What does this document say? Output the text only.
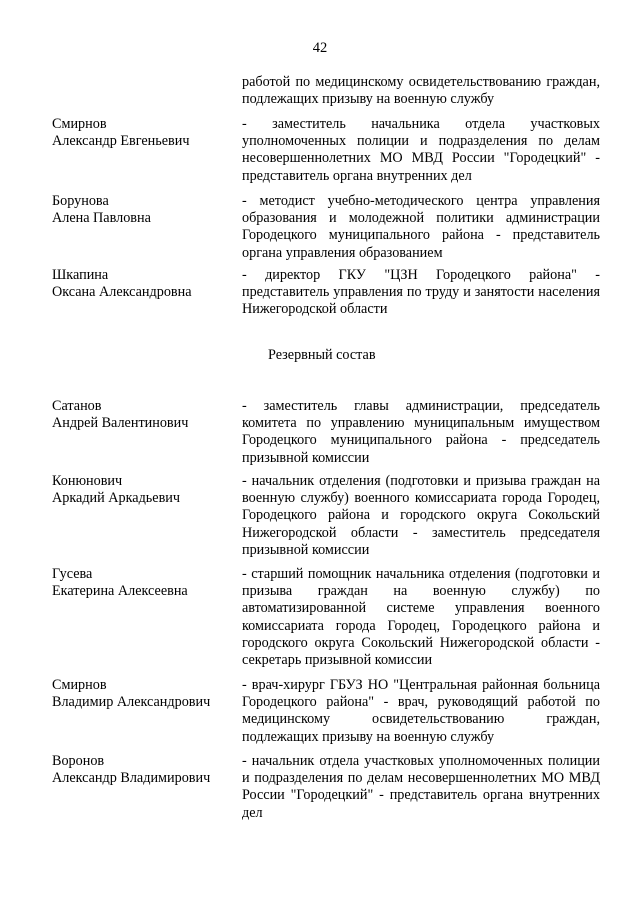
42
работой по медицинскому освидетельствованию граждан, подлежащих призыву на военную службу
Смирнов
Александр Евгеньевич
- заместитель начальника отдела участковых уполномоченных полиции и подразделения по делам несовершеннолетних МО МВД России "Городецкий" - представитель органа внутренних дел
Борунова
Алена Павловна
- методист учебно-методического центра управления образования и молодежной политики администрации Городецкого муниципального района - представитель органа управления образованием
Шкапина
Оксана Александровна
- директор ГКУ "ЦЗН Городецкого района" - представитель управления по труду и занятости населения Нижегородской области
Резервный состав
Сатанов
Андрей Валентинович
- заместитель главы администрации, председатель комитета по управлению муниципальным имуществом Городецкого муниципального района - председатель призывной комиссии
Конюнович
Аркадий Аркадьевич
- начальник отделения (подготовки и призыва граждан на военную службу) военного комиссариата города Городец, Городецкого района и городского округа Сокольский Нижегородской области - заместитель председателя призывной комиссии
Гусева
Екатерина Алексеевна
- старший помощник начальника отделения (подготовки и призыва граждан на военную службу) по автоматизированной системе управления военного комиссариата города Городец, Городецкого района и городского округа Сокольский Нижегородской области - секретарь призывной комиссии
Смирнов
Владимир Александрович
- врач-хирург ГБУЗ НО "Центральная районная больница Городецкого района" - врач, руководящий работой по медицинскому освидетельствованию граждан, подлежащих призыву на военную службу
Воронов
Александр Владимирович
- начальник отдела участковых уполномоченных полиции и подразделения по делам несовершеннолетних МО МВД России "Городецкий" - представитель органа внутренних дел
